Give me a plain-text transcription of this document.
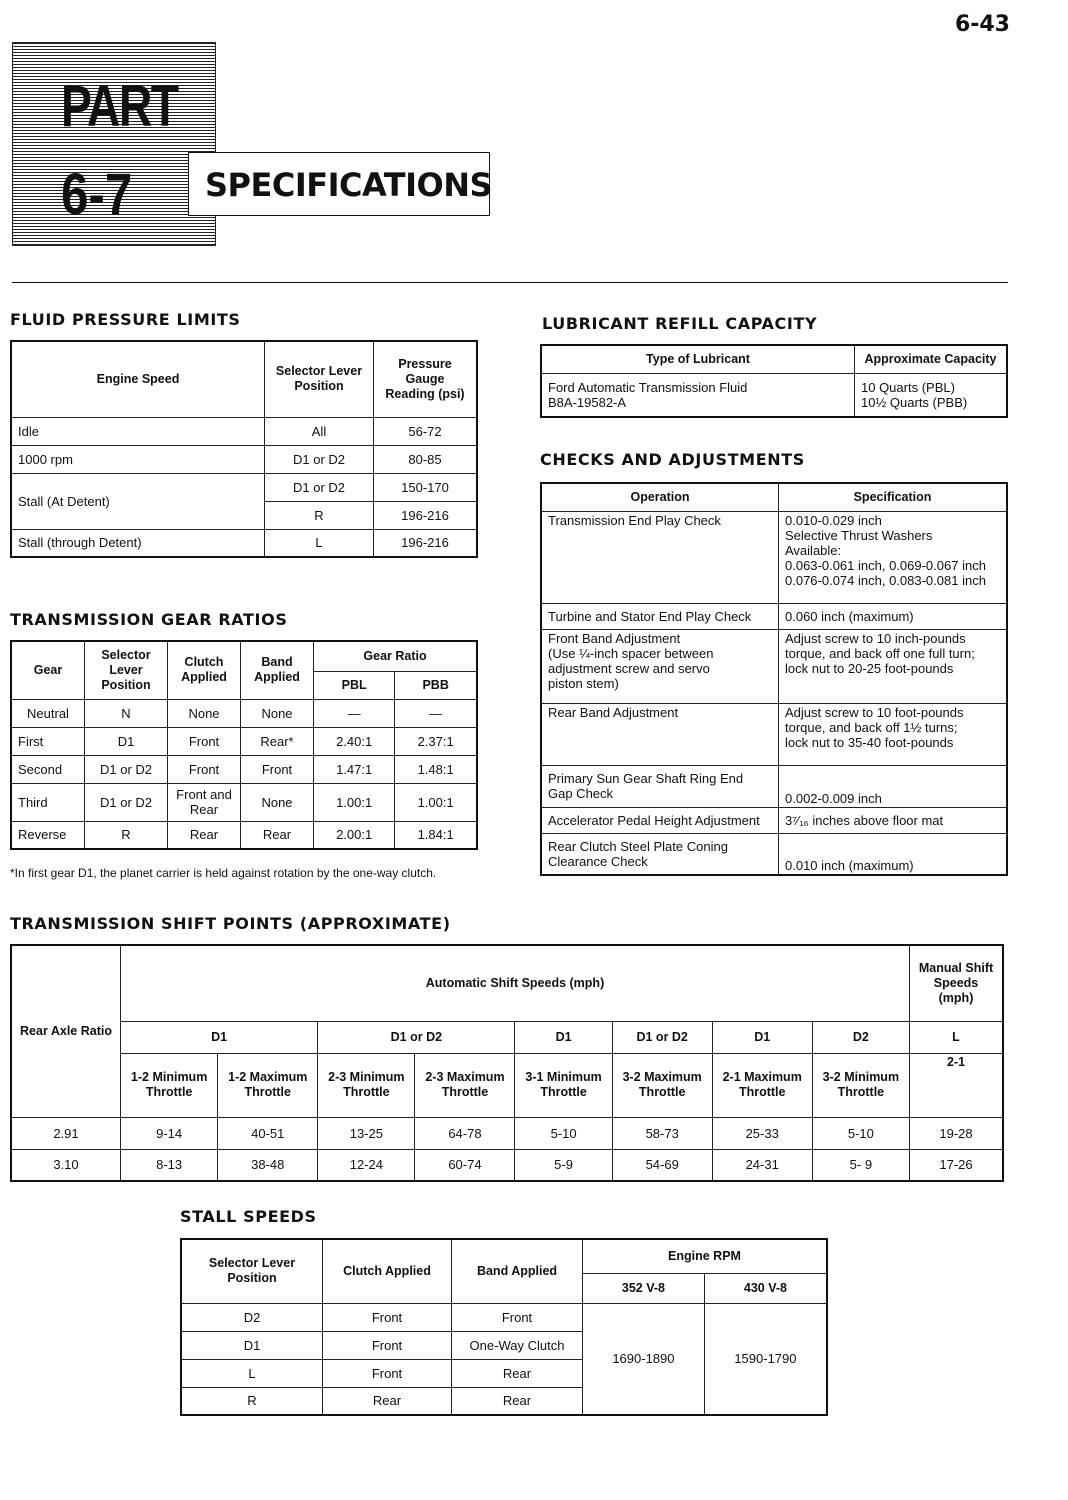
6-43
PART
6-7	SPECIFICATIONS
FLUID PRESSURE LIMITS
Engine Speed	Selector Lever Position	Pressure Gauge Reading (psi)
Idle	All	56-72
1000 rpm	D1 or D2	80-85
Stall (At Detent)	D1 or D2	150-170
	R	196-216
Stall (through Detent)	L	196-216
LUBRICANT REFILL CAPACITY
Type of Lubricant	Approximate Capacity
Ford Automatic Transmission Fluid
B8A-19582-A	10 Quarts (PBL)
10½ Quarts (PBB)
CHECKS AND ADJUSTMENTS
Operation	Specification
Transmission End Play Check	0.010-0.029 inch
Selective Thrust Washers
Available:
0.063-0.061 inch, 0.069-0.067 inch
0.076-0.074 inch, 0.083-0.081 inch
Turbine and Stator End Play Check	0.060 inch (maximum)
Front Band Adjustment
(Use ¼-inch spacer between
adjustment screw and servo
piston stem)	Adjust screw to 10 inch-pounds
torque, and back off one full turn;
lock nut to 20-25 foot-pounds
Rear Band Adjustment	Adjust screw to 10 foot-pounds
torque, and back off 1½ turns;
lock nut to 35-40 foot-pounds
Primary Sun Gear Shaft Ring End
Gap Check	0.002-0.009 inch
Accelerator Pedal Height Adjustment	3⁷⁄₁₆ inches above floor mat
Rear Clutch Steel Plate Coning
Clearance Check	0.010 inch (maximum)
TRANSMISSION GEAR RATIOS
Gear	Selector Lever Position	Clutch Applied	Band Applied	Gear Ratio	
				PBL	PBB
Neutral	N	None	None	—	—
First	D1	Front	Rear*	2.40:1	2.37:1
Second	D1 or D2	Front	Front	1.47:1	1.48:1
Third	D1 or D2	Front and Rear	None	1.00:1	1.00:1
Reverse	R	Rear	Rear	2.00:1	1.84:1
*In first gear D1, the planet carrier is held against rotation by the one-way clutch.
TRANSMISSION SHIFT POINTS (APPROXIMATE)
Rear Axle Ratio	Automatic Shift Speeds (mph)								Manual Shift Speeds (mph)
	D1		D1 or D2		D1	D1 or D2	D1	D2	L
	1-2 Minimum Throttle	1-2 Maximum Throttle	2-3 Minimum Throttle	2-3 Maximum Throttle	3-1 Minimum Throttle	3-2 Maximum Throttle	2-1 Maximum Throttle	3-2 Minimum Throttle	2-1
2.91	9-14	40-51	13-25	64-78	5-10	58-73	25-33	5-10	19-28
3.10	8-13	38-48	12-24	60-74	5-9	54-69	24-31	5- 9	17-26
STALL SPEEDS
Selector Lever Position	Clutch Applied	Band Applied	Engine RPM	
			352 V-8	430 V-8
D2	Front	Front	1690-1890	1590-1790
D1	Front	One-Way Clutch		
L	Front	Rear		
R	Rear	Rear		
